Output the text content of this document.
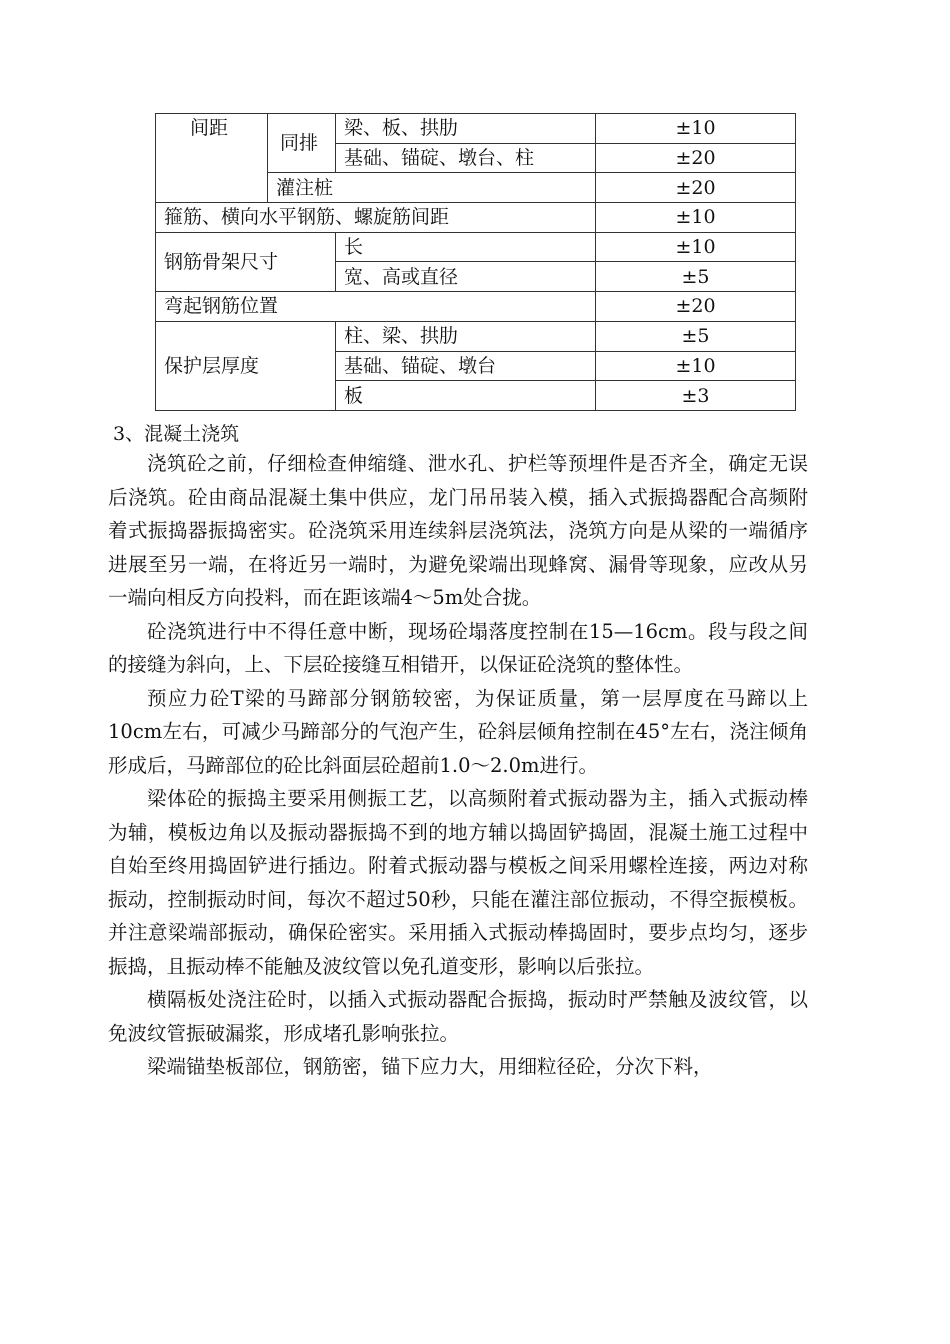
间距	同排	梁、板、拱肋	±10
		基础、锚碇、墩台、柱	±20
	灌注桩		±20
箍筋、横向水平钢筋、螺旋筋间距			±10
钢筋骨架尺寸		长	±10
		宽、高或直径	±5
弯起钢筋位置			±20
保护层厚度		柱、梁、拱肋	±5
		基础、锚碇、墩台	±10
		板	±3
3、混凝土浇筑

浇筑砼之前，仔细检查伸缩缝、泄水孔、护栏等预埋件是否齐全，确定无误后浇筑。砼由商品混凝土集中供应，龙门吊吊装入模，插入式振捣器配合高频附着式振捣器振捣密实。砼浇筑采用连续斜层浇筑法，浇筑方向是从梁的一端循序进展至另一端，在将近另一端时，为避免梁端出现蜂窝、漏骨等现象，应改从另一端向相反方向投料，而在距该端4～5m处合拢。

砼浇筑进行中不得任意中断，现场砼塌落度控制在15—16cm。段与段之间的接缝为斜向，上、下层砼接缝互相错开，以保证砼浇筑的整体性。

预应力砼T梁的马蹄部分钢筋较密，为保证质量，第一层厚度在马蹄以上10cm左右，可减少马蹄部分的气泡产生，砼斜层倾角控制在45°左右，浇注倾角形成后，马蹄部位的砼比斜面层砼超前1.0～2.0m进行。

梁体砼的振捣主要采用侧振工艺，以高频附着式振动器为主，插入式振动棒为辅，模板边角以及振动器振捣不到的地方辅以捣固铲捣固，混凝土施工过程中自始至终用捣固铲进行插边。附着式振动器与模板之间采用螺栓连接，两边对称振动，控制振动时间，每次不超过50秒，只能在灌注部位振动，不得空振模板。并注意梁端部振动，确保砼密实。采用插入式振动棒捣固时，要步点均匀，逐步振捣，且振动棒不能触及波纹管以免孔道变形，影响以后张拉。

横隔板处浇注砼时，以插入式振动器配合振捣，振动时严禁触及波纹管，以免波纹管振破漏浆，形成堵孔影响张拉。

梁端锚垫板部位，钢筋密，锚下应力大，用细粒径砼，分次下料，
